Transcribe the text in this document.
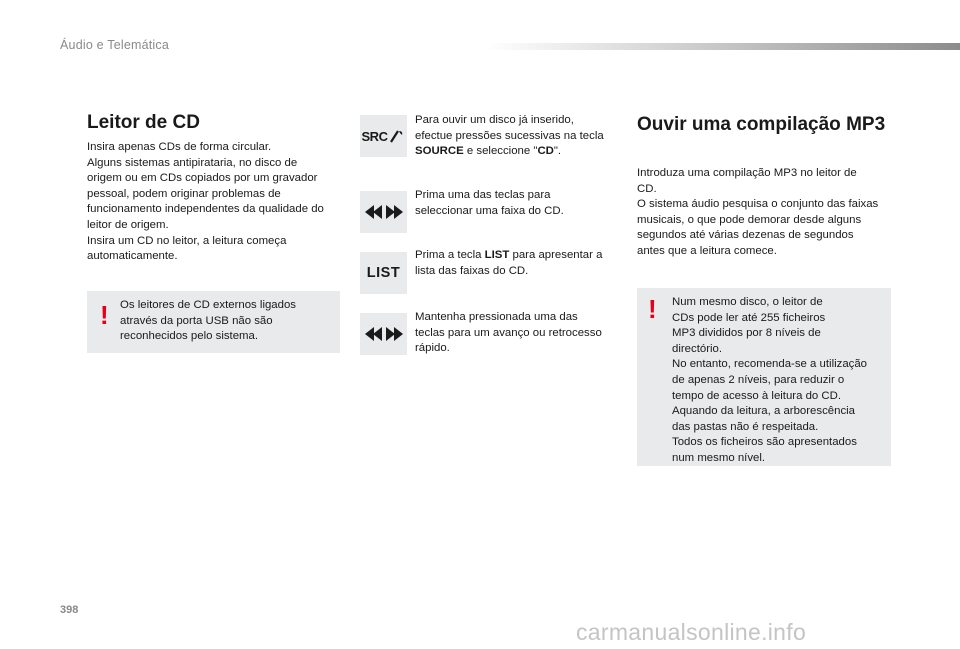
Áudio e Telemática
Leitor de CD
Insira apenas CDs de forma circular.
Alguns sistemas antipirataria, no disco de
origem ou em CDs copiados por um gravador
pessoal, podem originar problemas de
funcionamento independentes da qualidade do
leitor de origem.
Insira um CD no leitor, a leitura começa
automaticamente.
! Os leitores de CD externos ligados
através da porta USB não são
reconhecidos pelo sistema.
SRC
Para ouvir um disco já inserido,
efectue pressões sucessivas na tecla
SOURCE e seleccione "CD".
Prima uma das teclas para
seleccionar uma faixa do CD.
LIST
Prima a tecla LIST para apresentar a
lista das faixas do CD.
Mantenha pressionada uma das
teclas para um avanço ou retrocesso
rápido.
Ouvir uma compilação MP3
Introduza uma compilação MP3 no leitor de
CD.
O sistema áudio pesquisa o conjunto das faixas
musicais, o que pode demorar desde alguns
segundos até várias dezenas de segundos
antes que a leitura comece.
! Num mesmo disco, o leitor de
CDs pode ler até 255 ficheiros
MP3 divididos por 8 níveis de
directório.
No entanto, recomenda-se a utilização
de apenas 2 níveis, para reduzir o
tempo de acesso à leitura do CD.
Aquando da leitura, a arborescência
das pastas não é respeitada.
Todos os ficheiros são apresentados
num mesmo nível.
398
carmanualsonline.info
